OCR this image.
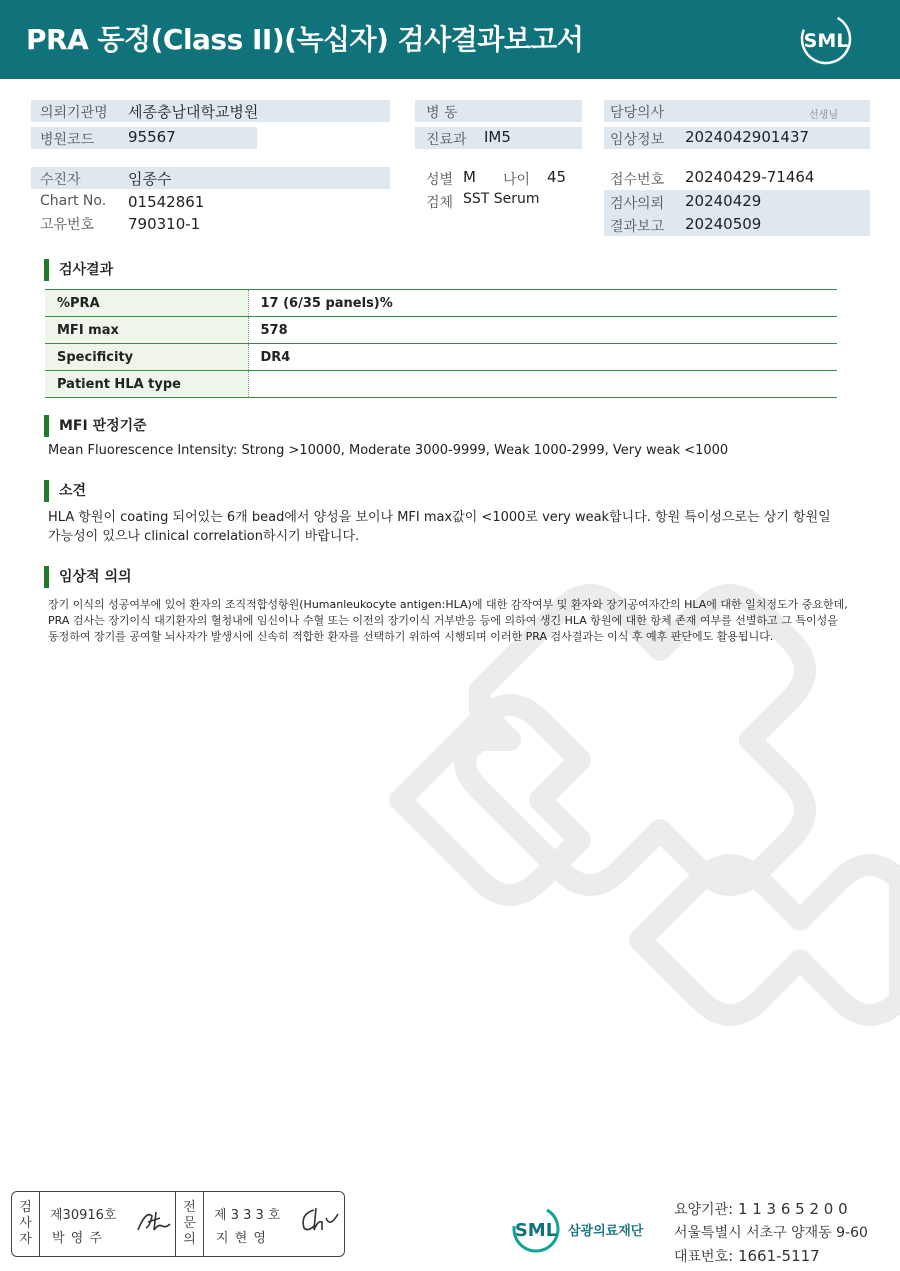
PRA 동정(Class II)(녹십자) 검사결과보고서	SML
의뢰기관명 세종충남대학교병원
병원코드 95567
수진자	임종수
Chart No. 01542861
고유번호 790310-1
병 동
진료과 IM5
성별 M 나이 45
검체 SST Serum
담당의사	선생님
임상정보 2024042901437
접수번호 20240429-71464
검사의뢰 20240429
결과보고 20240509
검사결과
%PRA	17 (6/35 panels)%
MFI max	578
Specificity	DR4
Patient HLA type	
MFI 판정기준
Mean Fluorescence Intensity: Strong >10000, Moderate 3000-9999, Weak 1000-2999, Very weak <1000
소견
HLA 항원이 coating 되어있는 6개 bead에서 양성을 보이나 MFI max값이 <1000로 very weak합니다. 항원 특이성으로는 상기 항원일 가능성이 있으나 clinical correlation하시기 바랍니다.
임상적 의의
장기 이식의 성공여부에 있어 환자의 조직적합성항원(Humanleukocyte antigen:HLA)에 대한 감작여부 및 환자와 장기공여자간의 HLA에 대한 일치정도가 중요한데, PRA 검사는 장기이식 대기환자의 혈청내에 임신이나 수혈 또는 이전의 장기이식 거부반응 등에 의하여 생긴 HLA 항원에 대한 항체 존재 여부를 선별하고 그 특이성을 동정하여 장기를 공여할 뇌사자가 발생시에 신속히 적합한 환자를 선택하기 위하여 시행되며 이러한 PRA 검사결과는 이식 후 예후 판단에도 활용됩니다.
검사자
제30916호
박 영 주
전문의
제 3 3 3 호
지 현 영	SML 삼광의료재단
요양기관: 1 1 3 6 5 2 0 0
서울특별시 서초구 양재동 9-60
대표번호: 1661-5117
